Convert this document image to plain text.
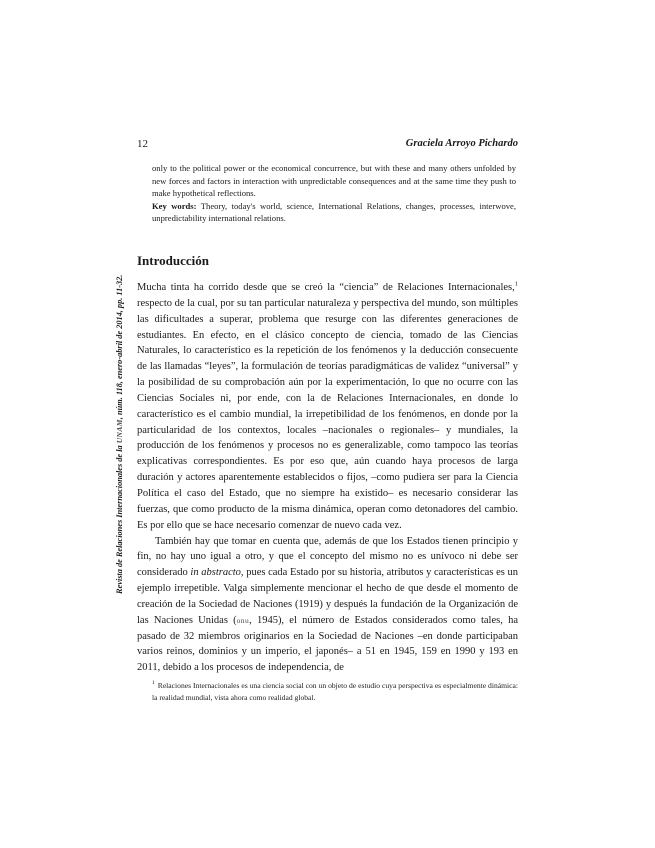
12	Graciela Arroyo Pichardo

only to the political power or the economical concurrence, but with these and many others unfolded by new forces and factors in interaction with unpredictable consequences and at the same time they push to make hypothetical reflections.

Key words: Theory, today's world, science, International Relations, changes, processes, interwove, unpredictability international relations.

Introducción

Mucha tinta ha corrido desde que se creó la “ciencia” de Relaciones Internacionales,$^1$ respecto de la cual, por su tan particular naturaleza y perspectiva del mundo, son múltiples las dificultades a superar, problema que resurge con las diferentes generaciones de estudiantes. En efecto, en el clásico concepto de ciencia, tomado de las Ciencias Naturales, lo característico es la repetición de los fenómenos y la deducción consecuente de las llamadas “leyes”, la formulación de teorías paradigmáticas de validez “universal” y la posibilidad de su comprobación aún por la experimentación, lo que no ocurre con las Ciencias Sociales ni, por ende, con la de Relaciones Internacionales, en donde lo característico es el cambio mundial, la irrepetibilidad de los fenómenos, en donde por la particularidad de los contextos, locales –nacionales o regionales– y mundiales, la producción de los fenómenos y procesos no es generalizable, como tampoco las teorías explicativas correspondientes. Es por eso que, aún cuando haya procesos de larga duración y actores aparentemente establecidos o fijos, –como pudiera ser para la Ciencia Política el caso del Estado, que no siempre ha existido– es necesario considerar las fuerzas, que como producto de la misma dinámica, operan como detonadores del cambio. Es por ello que se hace necesario comenzar de nuevo cada vez.

También hay que tomar en cuenta que, además de que los Estados tienen principio y fin, no hay uno igual a otro, y que el concepto del mismo no es unívoco ni debe ser considerado in abstracto, pues cada Estado por su historia, atributos y características es un ejemplo irrepetible. Valga simplemente mencionar el hecho de que desde el momento de creación de la Sociedad de Naciones (1919) y después la fundación de la Organización de las Naciones Unidas (onu, 1945), el número de Estados considerados como tales, ha pasado de 32 miembros originarios en la Sociedad de Naciones –en donde participaban varios reinos, dominios y un imperio, el japonés– a 51 en 1945, 159 en 1990 y 193 en 2011, debido a los procesos de independencia, de

$^1$ Relaciones Internacionales es una ciencia social con un objeto de estudio cuya perspectiva es especialmente dinámica: la realidad mundial, vista ahora como realidad global.

Revista de Relaciones Internacionales de la UNAM, núm. 118, enero-abril de 2014, pp. 11-32.
